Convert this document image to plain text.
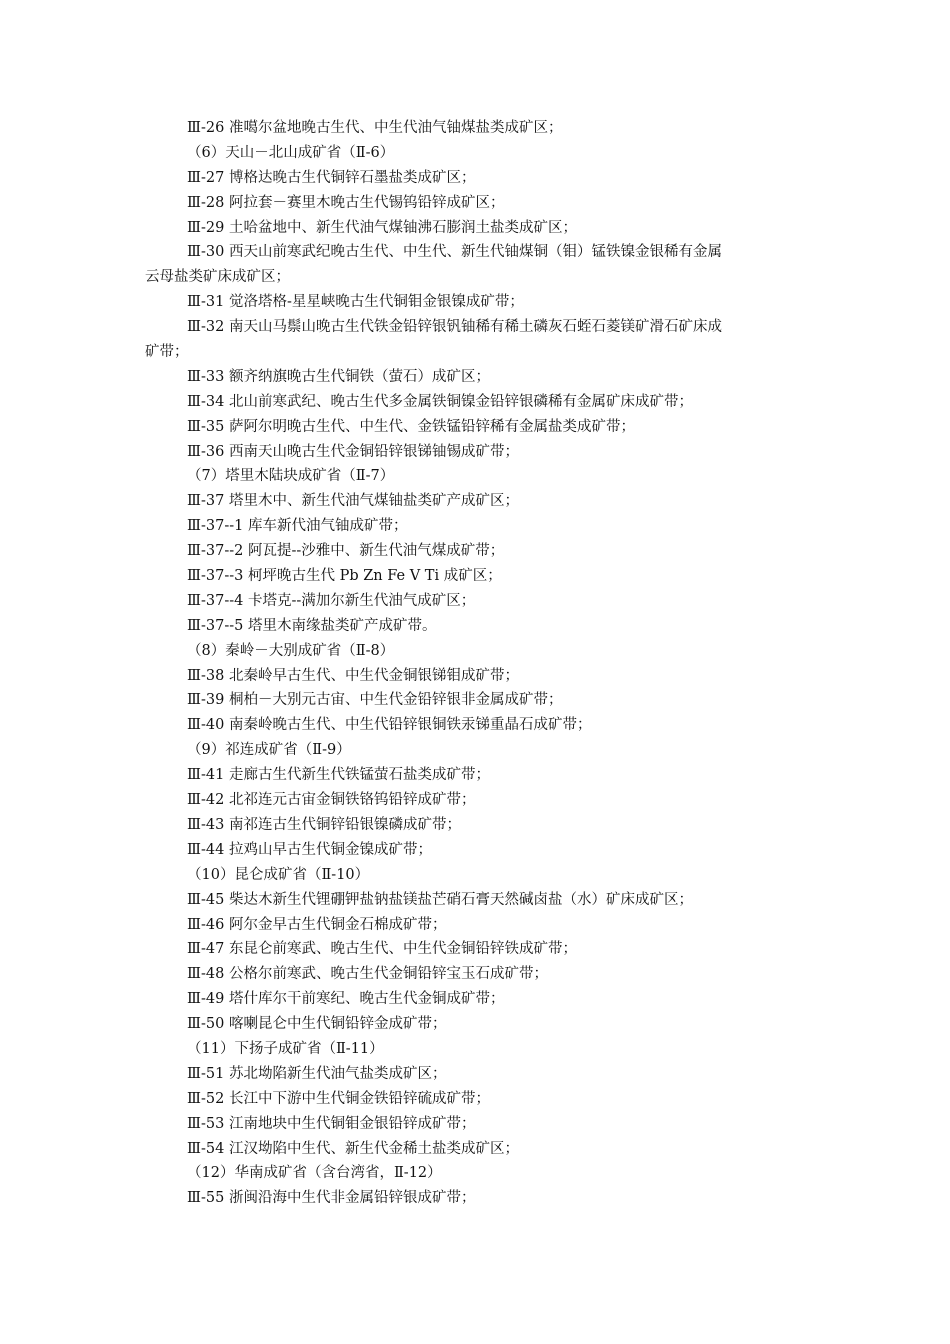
Ⅲ-26 准噶尔盆地晚古生代、中生代油气铀煤盐类成矿区；
（6）天山－北山成矿省（Ⅱ-6）
Ⅲ-27 博格达晚古生代铜锌石墨盐类成矿区；
Ⅲ-28 阿拉套－赛里木晚古生代锡钨铅锌成矿区；
Ⅲ-29 土哈盆地中、新生代油气煤铀沸石膨润土盐类成矿区；
Ⅲ-30 西天山前寒武纪晚古生代、中生代、新生代铀煤铜（钼）锰铁镍金银稀有金属
云母盐类矿床成矿区；
Ⅲ-31 觉洛塔格-星星峡晚古生代铜钼金银镍成矿带；
Ⅲ-32 南天山马鬃山晚古生代铁金铅锌银钒铀稀有稀土磷灰石蛭石菱镁矿滑石矿床成
矿带；
Ⅲ-33 额齐纳旗晚古生代铜铁（萤石）成矿区；
Ⅲ-34 北山前寒武纪、晚古生代多金属铁铜镍金铅锌银磷稀有金属矿床成矿带；
Ⅲ-35 萨阿尔明晚古生代、中生代、金铁锰铅锌稀有金属盐类成矿带；
Ⅲ-36 西南天山晚古生代金铜铅锌银锑铀锡成矿带；
（7）塔里木陆块成矿省（Ⅱ-7）
Ⅲ-37 塔里木中、新生代油气煤铀盐类矿产成矿区；
Ⅲ-37--1 库车新代油气铀成矿带；
Ⅲ-37--2 阿瓦提--沙雅中、新生代油气煤成矿带；
Ⅲ-37--3 柯坪晚古生代 Pb Zn Fe V Ti 成矿区；
Ⅲ-37--4 卡塔克--满加尔新生代油气成矿区；
Ⅲ-37--5 塔里木南缘盐类矿产成矿带。
（8）秦岭－大别成矿省（Ⅱ-8）
Ⅲ-38 北秦岭早古生代、中生代金铜银锑钼成矿带；
Ⅲ-39 桐柏－大别元古宙、中生代金铅锌银非金属成矿带；
Ⅲ-40 南秦岭晚古生代、中生代铅锌银铜铁汞锑重晶石成矿带；
（9）祁连成矿省（Ⅱ-9）
Ⅲ-41 走廊古生代新生代铁锰萤石盐类成矿带；
Ⅲ-42 北祁连元古宙金铜铁铬钨铅锌成矿带；
Ⅲ-43 南祁连古生代铜锌铅银镍磷成矿带；
Ⅲ-44 拉鸡山早古生代铜金镍成矿带；
（10）昆仑成矿省（Ⅱ-10）
Ⅲ-45 柴达木新生代锂硼钾盐钠盐镁盐芒硝石膏天然碱卤盐（水）矿床成矿区；
Ⅲ-46 阿尔金早古生代铜金石棉成矿带；
Ⅲ-47 东昆仑前寒武、晚古生代、中生代金铜铅锌铁成矿带；
Ⅲ-48 公格尔前寒武、晚古生代金铜铅锌宝玉石成矿带；
Ⅲ-49 塔什库尔干前寒纪、晚古生代金铜成矿带；
Ⅲ-50 喀喇昆仑中生代铜铅锌金成矿带；
（11）下扬子成矿省（Ⅱ-11）
Ⅲ-51 苏北坳陷新生代油气盐类成矿区；
Ⅲ-52 长江中下游中生代铜金铁铅锌硫成矿带；
Ⅲ-53 江南地块中生代铜钼金银铅锌成矿带；
Ⅲ-54 江汉坳陷中生代、新生代金稀土盐类成矿区；
（12）华南成矿省（含台湾省，Ⅱ-12）
Ⅲ-55 浙闽沿海中生代非金属铅锌银成矿带；
